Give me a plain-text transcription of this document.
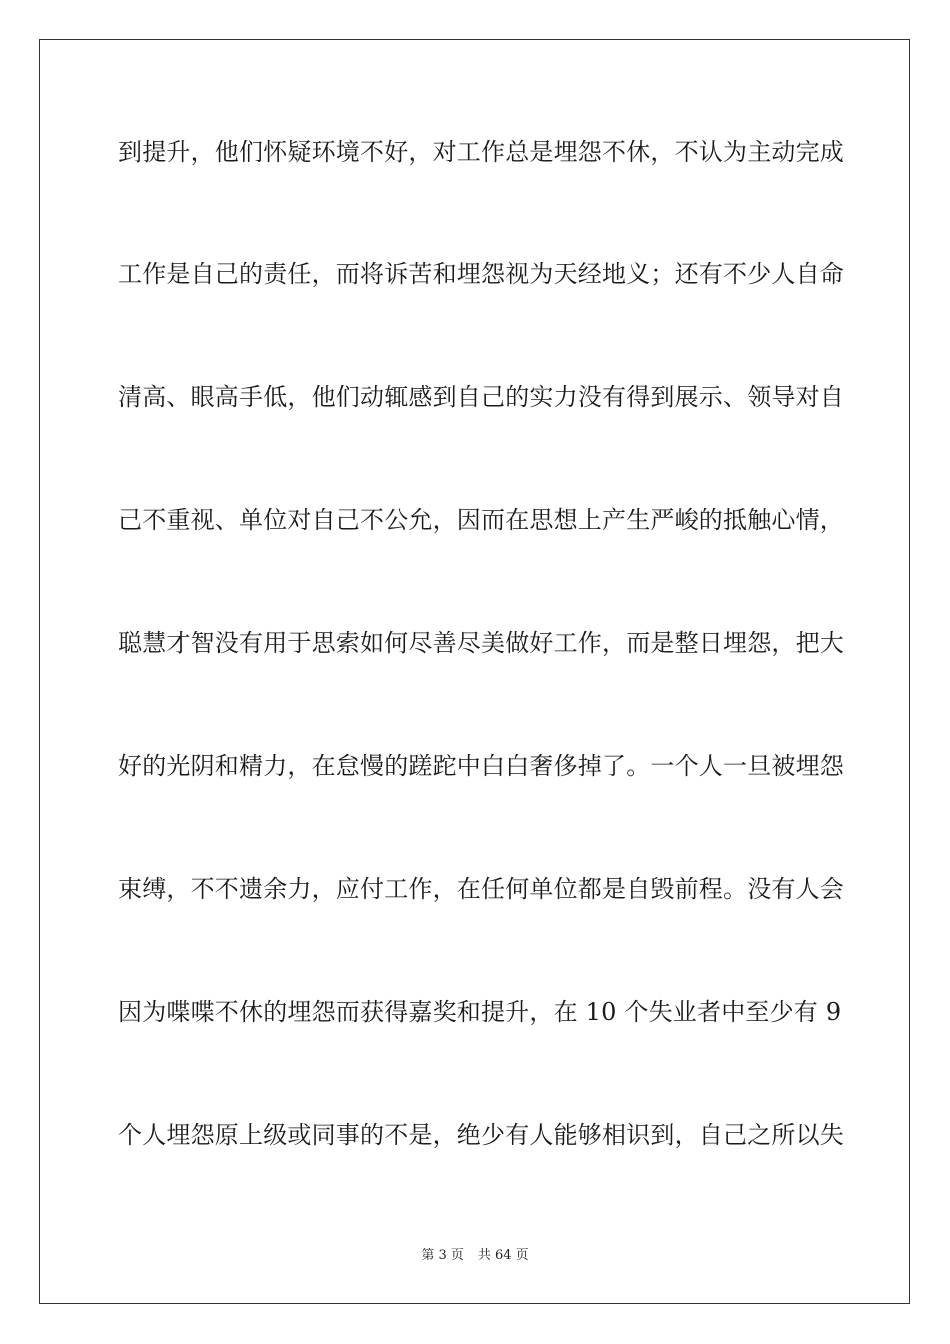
到提升，他们怀疑环境不好，对工作总是埋怨不休，不认为主动完成
工作是自己的责任，而将诉苦和埋怨视为天经地义；还有不少人自命
清高、眼高手低，他们动辄感到自己的实力没有得到展示、领导对自
己不重视、单位对自己不公允，因而在思想上产生严峻的抵触心情，
聪慧才智没有用于思索如何尽善尽美做好工作，而是整日埋怨，把大
好的光阴和精力，在怠慢的蹉跎中白白奢侈掉了。一个人一旦被埋怨
束缚，不不遗余力，应付工作，在任何单位都是自毁前程。没有人会
因为喋喋不休的埋怨而获得嘉奖和提升，在 10 个失业者中至少有 9
个人埋怨原上级或同事的不是，绝少有人能够相识到，自己之所以失
第 3 页 共 64 页
